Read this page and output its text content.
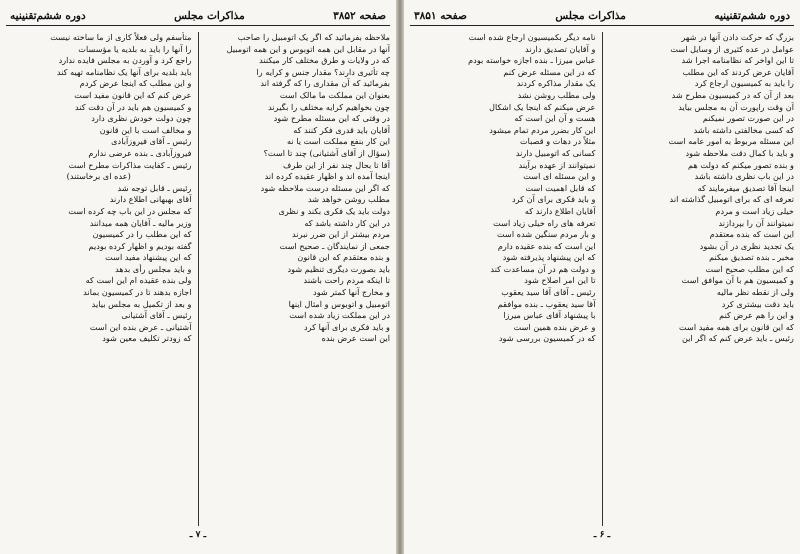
دوره ششم‌تقنینیه
مذاکرات مجلس
صفحه ۳۸۵۱
بزرگ که حرکت دادن آنها در شهر
عوامل در عده کثیری از وسایل است
تا این اواخر که نظامنامه اجرا شد
آقایان عرض کردند که این مطلب
را باید به کمیسیون ارجاع کرد
بعد از آن که در کمیسیون مطرح شد
آن وقت راپورت آن به مجلس بیاید
در این صورت تصور نمیکنم
که کسی مخالفتی داشته باشد
این مسئله مربوط به امور عامه است
و باید با کمال دقت ملاحظه شود
و بنده تصور میکنم که دولت هم
در این باب نظری داشته باشد
اینجا آقا تصدیق میفرمایند که
تعرفه ای که برای اتومبیل گذاشته اند
خیلی زیاد است و مردم
نمیتوانند آن را بپردازند
این است که بنده معتقدم
یک تجدید نظری در آن بشود
مخبر ـ بنده تصدیق میکنم
که این مطلب صحیح است
و کمیسیون هم با آن موافق است
ولی از نقطه نظر مالیه
باید دقت بیشتری کرد
و این را هم عرض کنم
که این قانون برای همه مفید است
رئیس ـ باید عرض کنم که اگر این
نامه دیگر بکمیسیون ارجاع شده است
و آقایان تصدیق دارند
عباس میرزا ـ بنده اجازه خواسته بودم
که در این مسئله عرض کنم
یک مقدار مذاکره کردند
ولی مطلب روشن نشد
عرض میکنم که اینجا یک اشکال
هست و آن این است که
این کار بضرر مردم تمام میشود
مثلاً در دهات و قصبات
کسانی که اتومبیل دارند
نمیتوانند از عهده برآیند
و این مسئله ای است
که قابل اهمیت است
و باید فکری برای آن کرد
آقایان اطلاع دارند که
تعرفه های راه خیلی زیاد است
و بار مردم سنگین شده است
این است که بنده عقیده دارم
که این پیشنهاد پذیرفته شود
و دولت هم در آن مساعدت کند
تا این امر اصلاح شود
رئیس ـ آقای آقا سید یعقوب
آقا سید یعقوب ـ بنده موافقم
با پیشنهاد آقای عباس میرزا
و عرض بنده همین است
که در کمیسیون بررسی شود
ـ ۶ ـ
صفحه ۳۸۵۲
مذاکرات مجلس
دوره ششم‌تقنینیه
ملاحظه بفرمائید که اگر یک اتومبیل را صاحب
آنها در مقابل این همه اتوبوس و این همه اتومبیل
که در ولایات و طرق مختلف کار میکنند
چه تأثیری دارند؟ مقدار جنس و کرایه را
بفرمائید که آن مقداری را که گرفته اند
بعنوان این مملکت ما مالک است
چون بخواهیم کرایه مختلف را بگیرند
در وقتی که این مسئله مطرح شود
آقایان باید قدری فکر کنند که
این کار بنفع مملکت است یا نه
(سؤال از آقای آشتیانی) چند تا است؟
آقا تا بحال چند نفر از این طرف
اینجا آمده اند و اظهار عقیده کرده اند
که اگر این مسئله درست ملاحظه شود
مطلب روشن خواهد شد
دولت باید یک فکری بکند و نظری
در این کار داشته باشد که
مردم بیشتر از این ضرر نبرند
جمعی از نمایندگان ـ صحیح است
و بنده معتقدم که این قانون
باید بصورت دیگری تنظیم شود
تا اینکه مردم راحت باشند
و مخارج آنها کمتر شود
اتومبیل و اتوبوس و امثال اینها
در این مملکت زیاد شده است
و باید فکری برای آنها کرد
این است عرض بنده
متأسفم ولی فعلاً کاری از ما ساخته نیست
را آنها را باید به بلدیه یا مؤسسات
راجع کرد و آوردن به مجلس فایده ندارد
باید بلدیه برای آنها یک نظامنامه تهیه کند
و این مطلب که اینجا عرض کردم
عرض کنم که این قانون مفید است
و کمیسیون هم باید در آن دقت کند
چون دولت خودش نظری دارد
و مخالف است با این قانون
رئیس ـ آقای فیروزآبادی
فیروزآبادی ـ بنده عرضی ندارم
رئیس ـ کفایت مذاکرات مطرح است
(عده ای برخاستند)
رئیس ـ قابل توجه شد
آقای بهبهانی اطلاع دارند
که مجلس در این باب چه کرده است
وزیر مالیه ـ آقایان همه میدانند
که این مطلب را در کمیسیون
گفته بودیم و اظهار کرده بودیم
که این پیشنهاد مفید است
و باید مجلس رأی بدهد
ولی بنده عقیده ام این است که
اجازه بدهند تا در کمیسیون بماند
و بعد از تکمیل به مجلس بیاید
رئیس ـ آقای آشتیانی
آشتیانی ـ عرض بنده این است
که زودتر تکلیف معین شود
ـ ۷ ـ
